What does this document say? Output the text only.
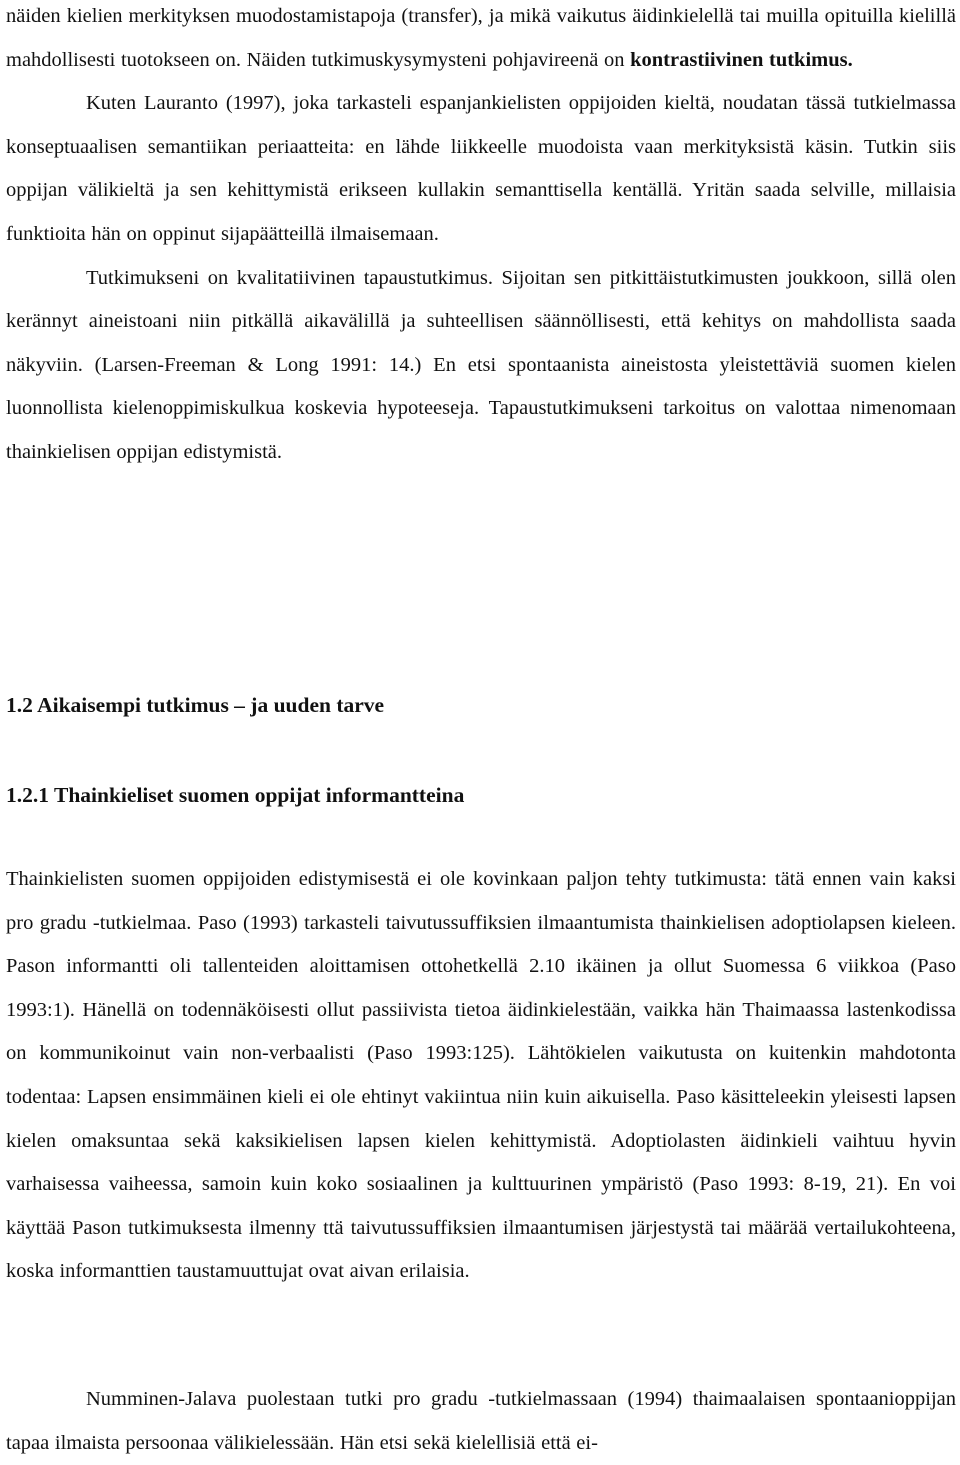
näiden kielien merkityksen muodostamistapoja (transfer), ja mikä vaikutus äidinkielellä tai muilla opituilla kielillä mahdollisesti tuotokseen on. Näiden tutkimuskysymysteni pohjavireenä on kontrastiivinen tutkimus.

Kuten Lauranto (1997), joka tarkasteli espanjankielisten oppijoiden kieltä, noudatan tässä tutkielmassa konseptuaalisen semantiikan periaatteita: en lähde liikkeelle muodoista vaan merkityksistä käsin. Tutkin siis oppijan välikieltä ja sen kehittymistä erikseen kullakin semanttisella kentällä. Yritän saada selville, millaisia funktioita hän on oppinut sijapäätteillä ilmaisemaan.

Tutkimukseni on kvalitatiivinen tapaustutkimus. Sijoitan sen pitkittäistutkimusten joukkoon, sillä olen kerännyt aineistoani niin pitkällä aikavälillä ja suhteellisen säännöllisesti, että kehitys on mahdollista saada näkyviin. (Larsen-Freeman & Long 1991: 14.) En etsi spontaanista aineistosta yleistettäviä suomen kielen luonnollista kielenoppimiskulkua koskevia hypoteeseja. Tapaustutkimukseni tarkoitus on valottaa nimenomaan thainkielisen oppijan edistymistä.

1.2 Aikaisempi tutkimus – ja uuden tarve
1.2.1 Thainkieliset suomen oppijat informantteina

Thainkielisten suomen oppijoiden edistymisestä ei ole kovinkaan paljon tehty tutkimusta: tätä ennen vain kaksi pro gradu -tutkielmaa. Paso (1993) tarkasteli taivutussuffiksien ilmaantumista thainkielisen adoptiolapsen kieleen. Pason informantti oli tallenteiden aloittamisen ottohetkellä 2.10 ikäinen ja ollut Suomessa 6 viikkoa (Paso 1993:1). Hänellä on todennäköisesti ollut passiivista tietoa äidinkielestään, vaikka hän Thaimaassa lastenkodissa on kommunikoinut vain non-verbaalisti (Paso 1993:125). Lähtökielen vaikutusta on kuitenkin mahdotonta todentaa: Lapsen ensimmäinen kieli ei ole ehtinyt vakiintua niin kuin aikuisella. Paso käsitteleekin yleisesti lapsen kielen omaksuntaa sekä kaksikielisen lapsen kielen kehittymistä. Adoptiolasten äidinkieli vaihtuu hyvin varhaisessa vaiheessa, samoin kuin koko sosiaalinen ja kulttuurinen ympäristö (Paso 1993: 8-19, 21). En voi käyttää Pason tutkimuksesta ilmenny ttä taivutussuffiksien ilmaantumisen järjestystä tai määrää vertailukohteena, koska informanttien taustamuuttujat ovat aivan erilaisia.

Numminen-Jalava puolestaan tutki pro gradu -tutkielmassaan (1994) thaimaalaisen spontaanioppijan tapaa ilmaista persoonaa välikielessään. Hän etsi sekä kielellisiä että ei-
